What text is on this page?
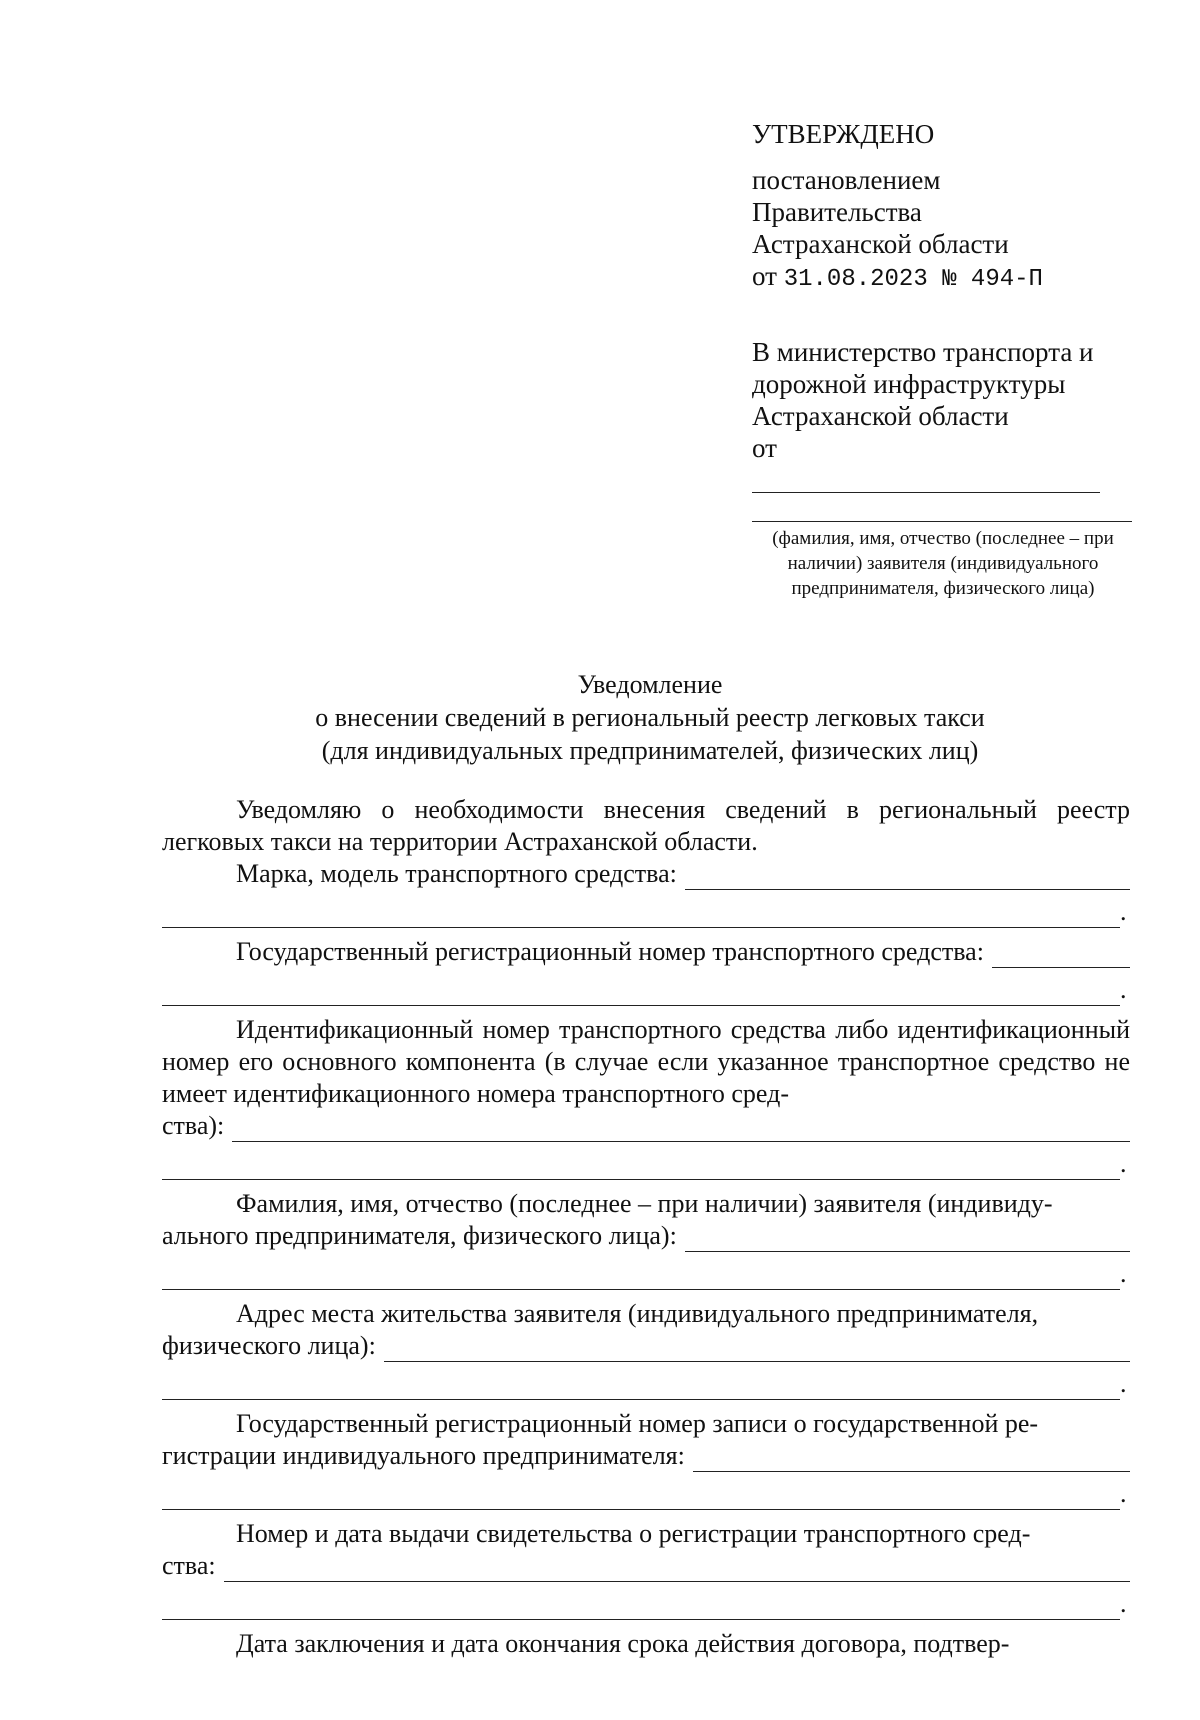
УТВЕРЖДЕНО
постановлением
Правительства
Астраханской области
от 31.08.2023 № 494-П
В министерство транспорта и
дорожной инфраструктуры
Астраханской области
от
(фамилия, имя, отчество (последнее – при наличии) заявителя (индивидуального предпринимателя, физического лица)
Уведомление
о внесении сведений в региональный реестр легковых такси
(для индивидуальных предпринимателей, физических лиц)
Уведомляю о необходимости внесения сведений в региональный реестр легковых такси на территории Астраханской области.
Марка, модель транспортного средства:
.
Государственный регистрационный номер транспортного средства:
.
Идентификационный номер транспортного средства либо идентификационный номер его основного компонента (в случае если указанное транспортное средство не имеет идентификационного номера транспортного сред-
ства):
.
Фамилия, имя, отчество (последнее – при наличии) заявителя (индивиду-
ального предпринимателя, физического лица):
.
Адрес места жительства заявителя (индивидуального предпринимателя,
физического лица):
.
Государственный регистрационный номер записи о государственной ре-
гистрации индивидуального предпринимателя:
.
Номер и дата выдачи свидетельства о регистрации транспортного сред-
ства:
.
Дата заключения и дата окончания срока действия договора, подтвер-
